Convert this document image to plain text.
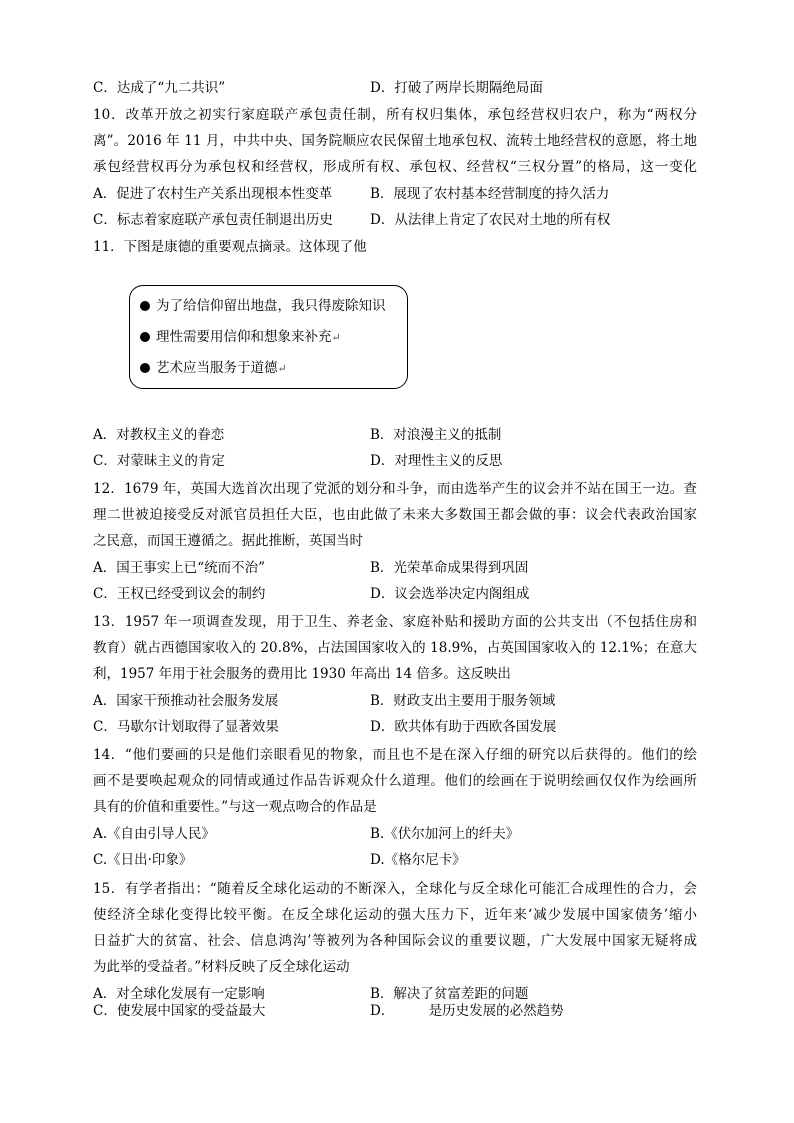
C．达成了“九二共识”	D．打破了两岸长期隔绝局面
10．改革开放之初实行家庭联产承包责任制，所有权归集体，承包经营权归农户，称为“两权分
离”。2016 年 11 月，中共中央、国务院顺应农民保留土地承包权、流转土地经营权的意愿，将土地
承包经营权再分为承包权和经营权，形成所有权、承包权、经营权“三权分置”的格局，这一变化
A．促进了农村生产关系出现根本性变革	B．展现了农村基本经营制度的持久活力
C．标志着家庭联产承包责任制退出历史	D．从法律上肯定了农民对土地的所有权
11．下图是康德的重要观点摘录。这体现了他
为了给信仰留出地盘，我只得废除知识
理性需要用信仰和想象来补充↵
艺术应当服务于道德↵
A．对教权主义的眷恋	B．对浪漫主义的抵制
C．对蒙昧主义的肯定	D．对理性主义的反思
12．1679 年，英国大选首次出现了党派的划分和斗争，而由选举产生的议会并不站在国王一边。查
理二世被迫接受反对派官员担任大臣，也由此做了未来大多数国王都会做的事：议会代表政治国家
之民意，而国王遵循之。据此推断，英国当时
A．国王事实上已“统而不治”	B．光荣革命成果得到巩固
C．王权已经受到议会的制约	D．议会选举决定内阁组成
13．1957 年一项调查发现，用于卫生、养老金、家庭补贴和援助方面的公共支出（不包括住房和
教育）就占西德国家收入的 20.8%，占法国国家收入的 18.9%，占英国国家收入的 12.1%；在意大
利，1957 年用于社会服务的费用比 1930 年高出 14 倍多。这反映出
A．国家干预推动社会服务发展	B．财政支出主要用于服务领域
C．马歇尔计划取得了显著效果	D．欧共体有助于西欧各国发展
14．“他们要画的只是他们亲眼看见的物象，而且也不是在深入仔细的研究以后获得的。他们的绘
画不是要唤起观众的同情或通过作品告诉观众什么道理。他们的绘画在于说明绘画仅仅作为绘画所
具有的价值和重要性。”与这一观点吻合的作品是
A.《自由引导人民》	B.《伏尔加河上的纤夫》
C.《日出·印象》	D.《格尔尼卡》
15．有学者指出：“随着反全球化运动的不断深入，全球化与反全球化可能汇合成理性的合力，会
使经济全球化变得比较平衡。在反全球化运动的强大压力下，近年来‘减少发展中国家债务’缩小
日益扩大的贫富、社会、信息鸿沟’等被列为各种国际会议的重要议题，广大发展中国家无疑将成
为此举的受益者。”材料反映了反全球化运动
A．对全球化发展有一定影响	B．解决了贫富差距的问题
C．使发展中国家的受益最大	D．        是历史发展的必然趋势
